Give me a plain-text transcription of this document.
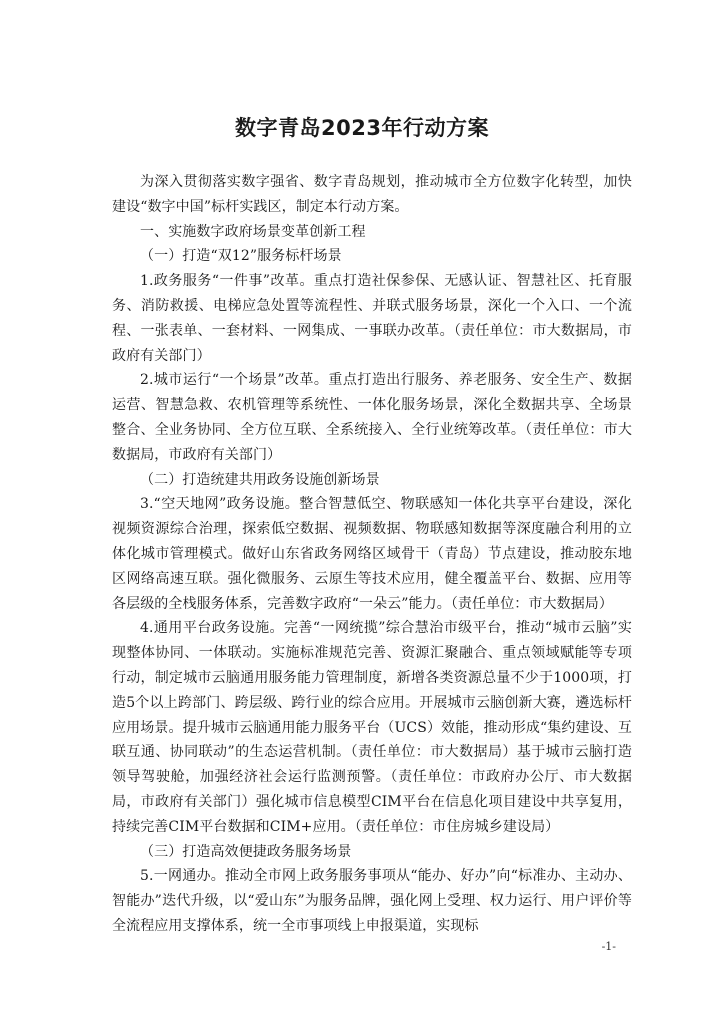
数字青岛2023年行动方案

为深入贯彻落实数字强省、数字青岛规划，推动城市全方位数字化转型，加快建设“数字中国”标杆实践区，制定本行动方案。

一、实施数字政府场景变革创新工程

（一）打造“双12”服务标杆场景

1.政务服务“一件事”改革。重点打造社保参保、无感认证、智慧社区、托育服务、消防救援、电梯应急处置等流程性、并联式服务场景，深化一个入口、一个流程、一张表单、一套材料、一网集成、一事联办改革。（责任单位：市大数据局，市政府有关部门）

2.城市运行“一个场景”改革。重点打造出行服务、养老服务、安全生产、数据运营、智慧急救、农机管理等系统性、一体化服务场景，深化全数据共享、全场景整合、全业务协同、全方位互联、全系统接入、全行业统筹改革。（责任单位：市大数据局，市政府有关部门）

（二）打造统建共用政务设施创新场景

3.“空天地网”政务设施。整合智慧低空、物联感知一体化共享平台建设，深化视频资源综合治理，探索低空数据、视频数据、物联感知数据等深度融合利用的立体化城市管理模式。做好山东省政务网络区域骨干（青岛）节点建设，推动胶东地区网络高速互联。强化微服务、云原生等技术应用，健全覆盖平台、数据、应用等各层级的全栈服务体系，完善数字政府“一朵云”能力。（责任单位：市大数据局）

4.通用平台政务设施。完善“一网统揽”综合慧治市级平台，推动“城市云脑”实现整体协同、一体联动。实施标准规范完善、资源汇聚融合、重点领域赋能等专项行动，制定城市云脑通用服务能力管理制度，新增各类资源总量不少于1000项，打造5个以上跨部门、跨层级、跨行业的综合应用。开展城市云脑创新大赛，遴选标杆应用场景。提升城市云脑通用能力服务平台（UCS）效能，推动形成“集约建设、互联互通、协同联动”的生态运营机制。（责任单位：市大数据局）基于城市云脑打造领导驾驶舱，加强经济社会运行监测预警。（责任单位：市政府办公厅、市大数据局，市政府有关部门）强化城市信息模型CIM平台在信息化项目建设中共享复用，持续完善CIM平台数据和CIM+应用。（责任单位：市住房城乡建设局）

（三）打造高效便捷政务服务场景

5.一网通办。推动全市网上政务服务事项从“能办、好办”向“标准办、主动办、智能办”迭代升级，以“爱山东”为服务品牌，强化网上受理、权力运行、用户评价等全流程应用支撑体系，统一全市事项线上申报渠道，实现标

-1-
